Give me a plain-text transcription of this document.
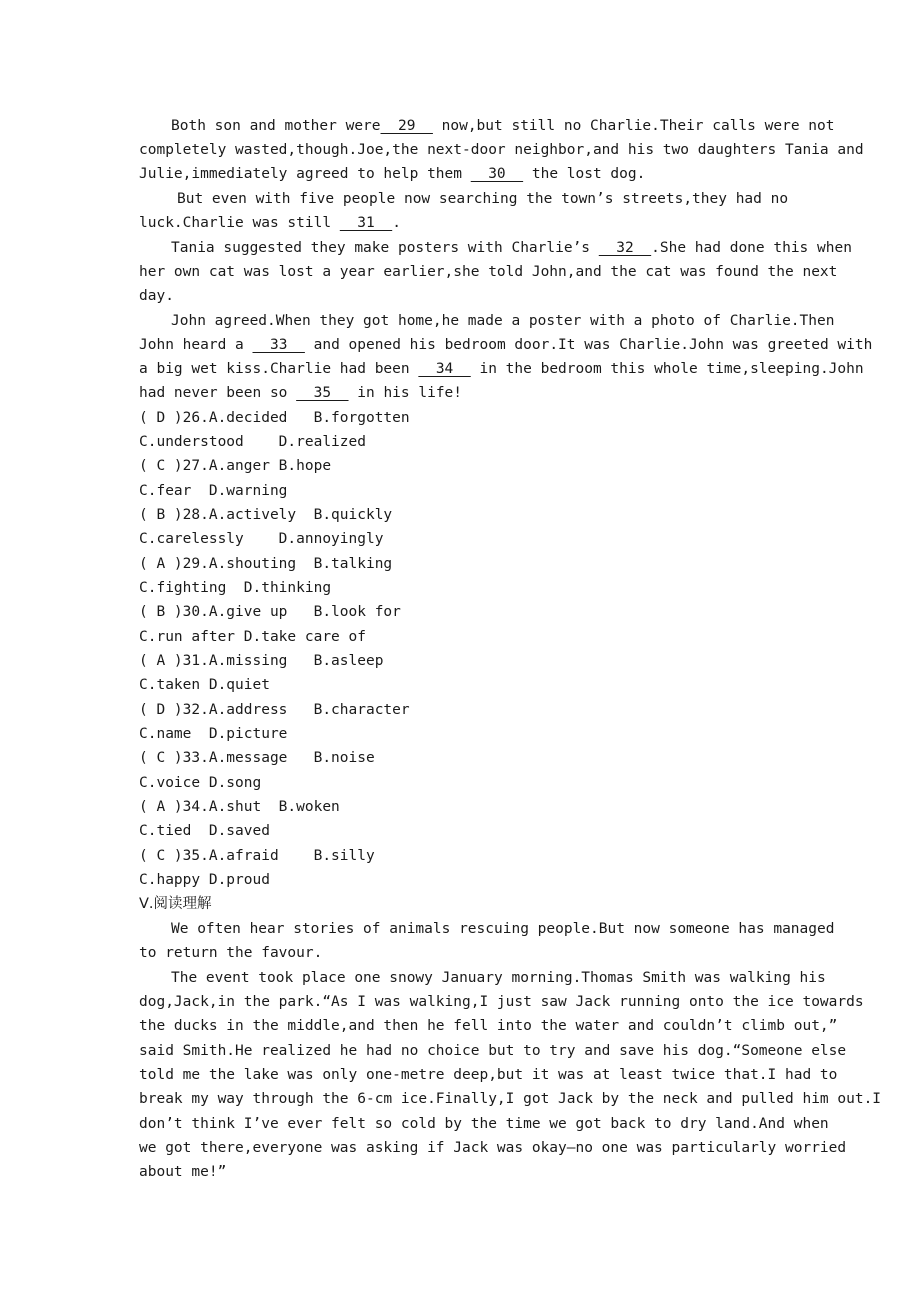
Both son and mother were  29   now,but still no Charlie.Their calls were not
completely wasted,though.Joe,the next-door neighbor,and his two daughters Tania and
Julie,immediately agreed to help them   30   the lost dog.
But even with five people now searching the town’s streets,they had no
luck.Charlie was still   31  .
Tania suggested they make posters with Charlie’s   32  .She had done this when
her own cat was lost a year earlier,she told John,and the cat was found the next
day.
John agreed.When they got home,he made a poster with a photo of Charlie.Then
John heard a   33   and opened his bedroom door.It was Charlie.John was greeted with
a big wet kiss.Charlie had been   34   in the bedroom this whole time,sleeping.John
had never been so   35   in his life!
( D )26.A.decided   B.forgotten
C.understood    D.realized
( C )27.A.anger B.hope
C.fear  D.warning
( B )28.A.actively  B.quickly
C.carelessly    D.annoyingly
( A )29.A.shouting  B.talking
C.fighting  D.thinking
( B )30.A.give up   B.look for
C.run after D.take care of
( A )31.A.missing   B.asleep
C.taken D.quiet
( D )32.A.address   B.character
C.name  D.picture
( C )33.A.message   B.noise
C.voice D.song
( A )34.A.shut  B.woken
C.tied  D.saved
( C )35.A.afraid    B.silly
C.happy D.proud
Ⅴ.阅读理解
We often hear stories of animals rescuing people.But now someone has managed
to return the favour.
The event took place one snowy January morning.Thomas Smith was walking his
dog,Jack,in the park.“As I was walking,I just saw Jack running onto the ice towards
the ducks in the middle,and then he fell into the water and couldn’t climb out,”
said Smith.He realized he had no choice but to try and save his dog.“Someone else
told me the lake was only one-metre deep,but it was at least twice that.I had to
break my way through the 6-cm ice.Finally,I got Jack by the neck and pulled him out.I
don’t think I’ve ever felt so cold by the time we got back to dry land.And when
we got there,everyone was asking if Jack was okay—no one was particularly worried
about me!”
